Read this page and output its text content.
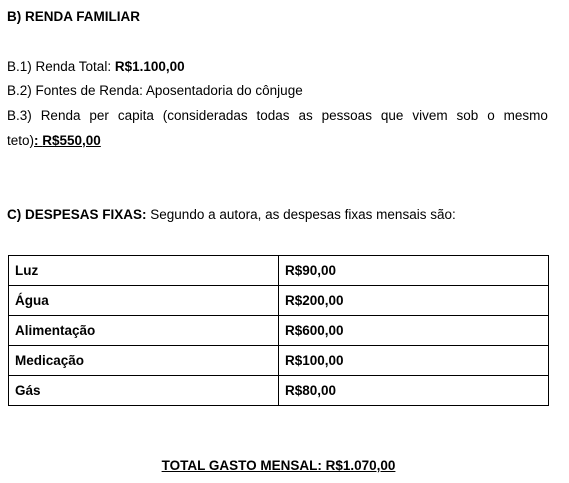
B) RENDA FAMILIAR
B.1) Renda Total: R$1.100,00
B.2) Fontes de Renda: Aposentadoria do cônjuge
B.3) Renda per capita (consideradas todas as pessoas que vivem sob o mesmo
teto): R$550,00
C) DESPESAS FIXAS: Segundo a autora, as despesas fixas mensais são:
Luz	R$90,00
Água	R$200,00
Alimentação	R$600,00
Medicação	R$100,00
Gás	R$80,00
TOTAL GASTO MENSAL: R$1.070,00
